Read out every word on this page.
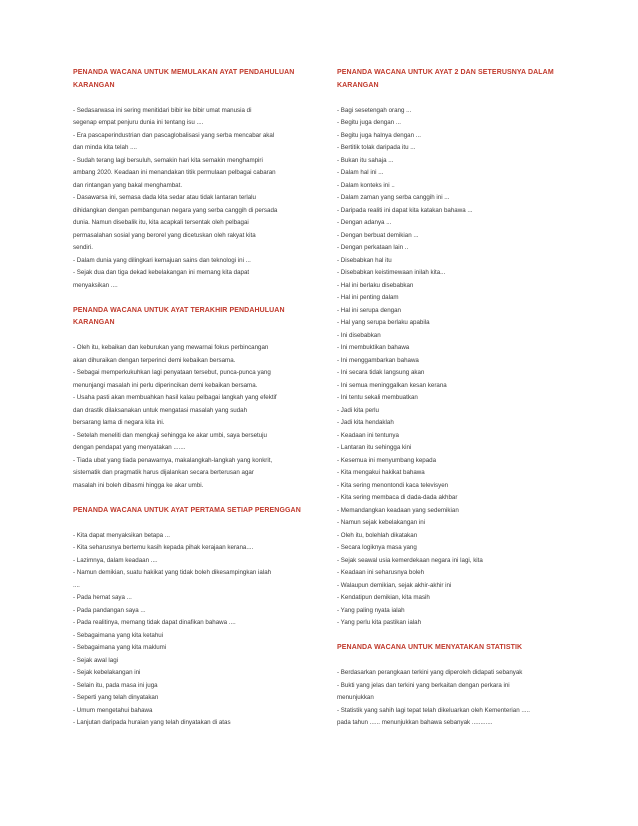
PENANDA WACANA UNTUK MEMULAKAN AYAT PENDAHULUAN
KARANGAN
- Sedasarwasa ini sering menitidari bibir ke bibir umat manusia di
segenap empat penjuru dunia ini tentang isu ....
- Era pascaperindustrian dan pascaglobalisasi yang serba mencabar akal
dan minda kita telah ....
- Sudah terang lagi bersuluh, semakin hari kita semakin menghampiri
ambang 2020. Keadaan ini menandakan titik permulaan pelbagai cabaran
dan rintangan yang bakal menghambat.
- Dasawarsa ini, semasa dada kita sedar atau tidak lantaran terlalu
dihidangkan dengan pembangunan negara yang serba canggih di persada
dunia. Namun disebalik itu, kita acapkali tersentak oleh pelbagai
permasalahan sosial yang berorel yang dicetuskan oleh rakyat kita
sendiri.
- Dalam dunia yang dilingkari kemajuan sains dan teknologi ini ...
- Sejak dua dan tiga dekad kebelakangan ini memang kita dapat
menyaksikan ....
PENANDA WACANA UNTUK AYAT TERAKHIR PENDAHULUAN
KARANGAN
- Oleh itu, kebaikan dan keburukan yang mewarnai fokus perbincangan
akan dihuraikan dengan terperinci demi kebaikan bersama.
- Sebagai memperkukuhkan lagi penyataan tersebut, punca-punca yang
menunjangi masalah ini perlu diperincikan demi kebaikan bersama.
- Usaha pasti akan membuahkan hasil kalau pelbagai langkah yang efektif
dan drastik dilaksanakan untuk mengatasi masalah yang sudah
bersarang lama di negara kita ini.
- Setelah meneliti dan mengkaji sehingga ke akar umbi, saya bersetuju
dengan pendapat yang menyatakan .......
- Tiada ubat yang tiada penawarnya, makalangkah-langkah yang konkrit,
sistematik dan pragmatik harus dijalankan secara berterusan agar
masalah ini boleh dibasmi hingga ke akar umbi.
PENANDA WACANA UNTUK AYAT PERTAMA SETIAP PERENGGAN
- Kita dapat menyaksikan betapa ...
- Kita seharusnya bertemu kasih kepada pihak kerajaan kerana....
- Lazimnya, dalam keadaan ....
- Namun demikian, suatu hakikat yang tidak boleh dikesampingkan ialah
....
- Pada hemat saya ...
- Pada pandangan saya ...
- Pada realitinya, memang tidak dapat dinafikan bahawa ....
- Sebagaimana yang kita ketahui
- Sebagaimana yang kita maklumi
- Sejak awal lagi
- Sejak kebelakangan ini
- Selain itu, pada masa ini juga
- Seperti yang telah dinyatakan
- Umum mengetahui bahawa
- Lanjutan daripada huraian yang telah dinyatakan di atas
PENANDA WACANA UNTUK AYAT 2 DAN SETERUSNYA DALAM
KARANGAN
- Bagi sesetengah orang ...
- Begitu juga dengan ...
- Begitu juga halnya dengan ...
- Bertitik tolak daripada itu ...
- Bukan itu sahaja ...
- Dalam hal ini ...
- Dalam konteks ini ..
- Dalam zaman yang serba canggih ini ...
- Daripada realiti ini dapat kita katakan bahawa ...
- Dengan adanya ...
- Dengan berbuat demikian ...
- Dengan perkataan lain ..
- Disebabkan hal itu
- Disebabkan keistimewaan inilah kita...
- Hal ini berlaku disebabkan
- Hal ini penting dalam
- Hal ini serupa dengan
- Hal yang serupa berlaku apabila
- Ini disebabkan
- Ini membuktikan bahawa
- Ini menggambarkan bahawa
- Ini secara tidak langsung akan
- Ini semua meninggalkan kesan kerana
- Ini tentu sekali membuatkan
- Jadi kita perlu
- Jadi kita hendaklah
- Keadaan ini tentunya
- Lantaran itu sehingga kini
- Kesemua ini menyumbang kepada
- Kita mengakui hakikat bahawa
- Kita sering menontondi kaca televisyen
- Kita sering membaca di dada-dada akhbar
- Memandangkan keadaan yang sedemikian
- Namun sejak kebelakangan ini
- Oleh itu, bolehlah dikatakan
- Secara logiknya masa yang
- Sejak seawal usia kemerdekaan negara ini lagi, kita
- Keadaan ini seharusnya boleh
- Walaupun demikian, sejak akhir-akhir ini
- Kendatipun demikian, kita masih
- Yang paling nyata ialah
- Yang perlu kita pastikan ialah
PENANDA WACANA UNTUK MENYATAKAN STATISTIK
- Berdasarkan perangkaan terkini yang diperoleh didapati sebanyak
- Bukti yang jelas dan terkini yang berkaitan dengan perkara ini
menunjukkan
- Statistik yang sahih lagi tepat telah dikeluarkan oleh Kementerian .....
pada tahun ...... menunjukkan bahawa sebanyak ............
